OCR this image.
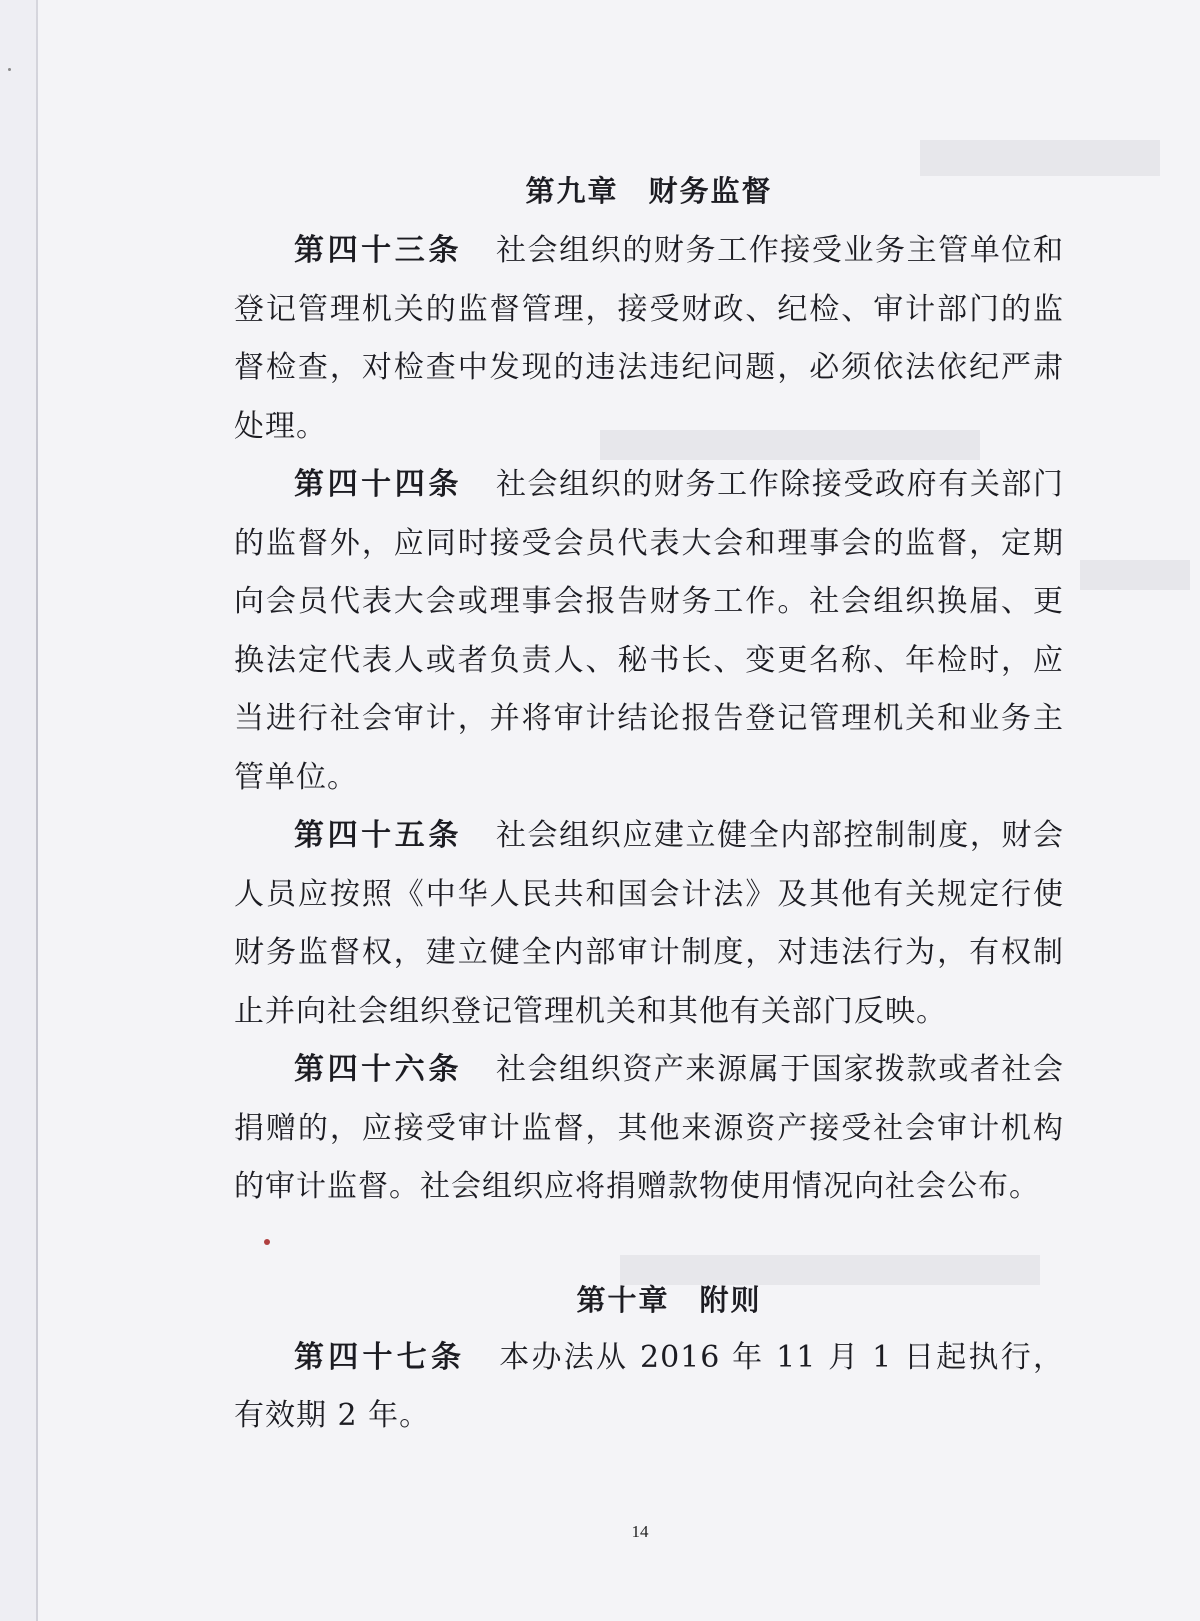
第九章 财务监督

第四十三条 社会组织的财务工作接受业务主管单位和登记管理机关的监督管理，接受财政、纪检、审计部门的监督检查，对检查中发现的违法违纪问题，必须依法依纪严肃处理。

第四十四条 社会组织的财务工作除接受政府有关部门的监督外，应同时接受会员代表大会和理事会的监督，定期向会员代表大会或理事会报告财务工作。社会组织换届、更换法定代表人或者负责人、秘书长、变更名称、年检时，应当进行社会审计，并将审计结论报告登记管理机关和业务主管单位。

第四十五条 社会组织应建立健全内部控制制度，财会人员应按照《中华人民共和国会计法》及其他有关规定行使财务监督权，建立健全内部审计制度，对违法行为，有权制止并向社会组织登记管理机关和其他有关部门反映。

第四十六条 社会组织资产来源属于国家拨款或者社会捐赠的，应接受审计监督，其他来源资产接受社会审计机构的审计监督。社会组织应将捐赠款物使用情况向社会公布。

第十章 附则

第四十七条 本办法从 2016 年 11 月 1 日起执行，有效期 2 年。

14
